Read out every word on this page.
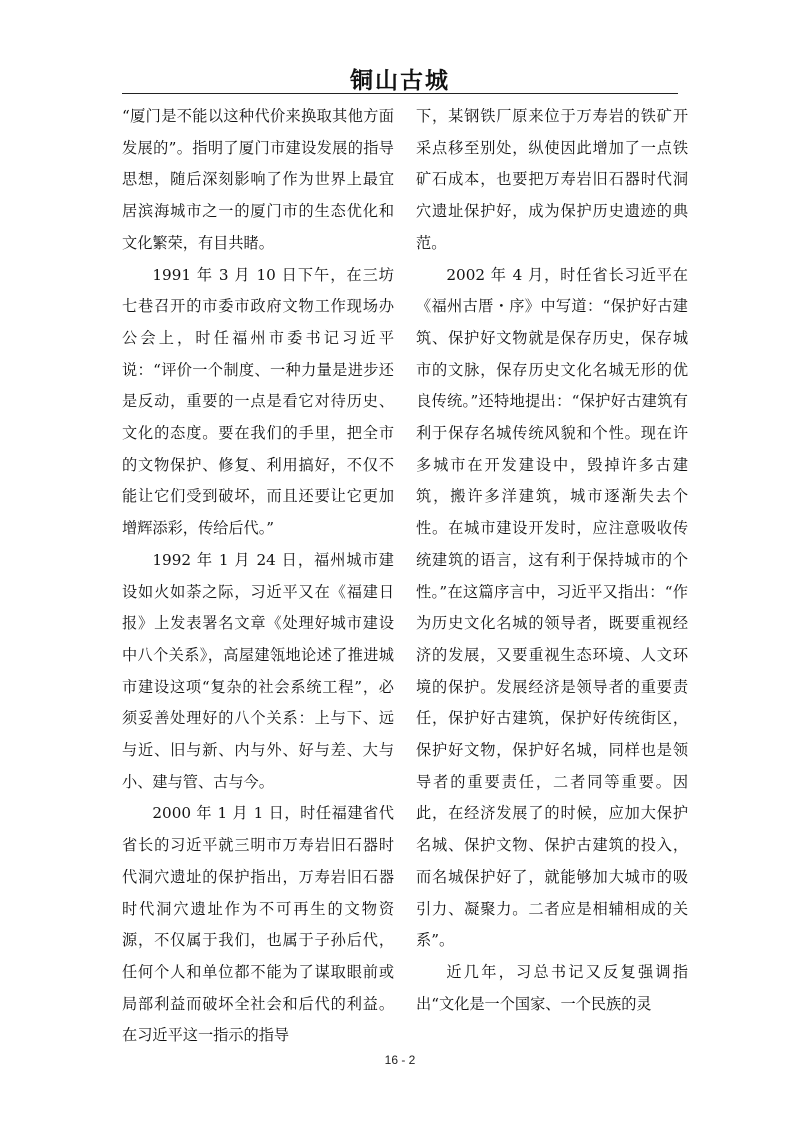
铜山古城

“厦门是不能以这种代价来换取其他方面发展的”。指明了厦门市建设发展的指导思想，随后深刻影响了作为世界上最宜居滨海城市之一的厦门市的生态优化和文化繁荣，有目共睹。

1991 年 3 月 10 日下午，在三坊七巷召开的市委市政府文物工作现场办公会上，时任福州市委书记习近平说：“评价一个制度、一种力量是进步还是反动，重要的一点是看它对待历史、文化的态度。要在我们的手里，把全市的文物保护、修复、利用搞好，不仅不能让它们受到破坏，而且还要让它更加增辉添彩，传给后代。”

1992 年 1 月 24 日，福州城市建设如火如荼之际，习近平又在《福建日报》上发表署名文章《处理好城市建设中八个关系》，高屋建瓴地论述了推进城市建设这项“复杂的社会系统工程”，必须妥善处理好的八个关系：上与下、远与近、旧与新、内与外、好与差、大与小、建与管、古与今。

2000 年 1 月 1 日，时任福建省代省长的习近平就三明市万寿岩旧石器时代洞穴遗址的保护指出，万寿岩旧石器时代洞穴遗址作为不可再生的文物资源，不仅属于我们，也属于子孙后代，任何个人和单位都不能为了谋取眼前或局部利益而破坏全社会和后代的利益。在习近平这一指示的指导

下，某钢铁厂原来位于万寿岩的铁矿开采点移至别处，纵使因此增加了一点铁矿石成本，也要把万寿岩旧石器时代洞穴遗址保护好，成为保护历史遗迹的典范。

2002 年 4 月，时任省长习近平在《福州古厝・序》中写道：“保护好古建筑、保护好文物就是保存历史，保存城市的文脉，保存历史文化名城无形的优良传统。”还特地提出：“保护好古建筑有利于保存名城传统风貌和个性。现在许多城市在开发建设中，毁掉许多古建筑，搬许多洋建筑，城市逐渐失去个性。在城市建设开发时，应注意吸收传统建筑的语言，这有利于保持城市的个性。”在这篇序言中，习近平又指出：“作为历史文化名城的领导者，既要重视经济的发展，又要重视生态环境、人文环境的保护。发展经济是领导者的重要责任，保护好古建筑，保护好传统街区，保护好文物，保护好名城，同样也是领导者的重要责任，二者同等重要。因此，在经济发展了的时候，应加大保护名城、保护文物、保护古建筑的投入，而名城保护好了，就能够加大城市的吸引力、凝聚力。二者应是相辅相成的关系”。

近几年，习总书记又反复强调指出“文化是一个国家、一个民族的灵

16 - 2
